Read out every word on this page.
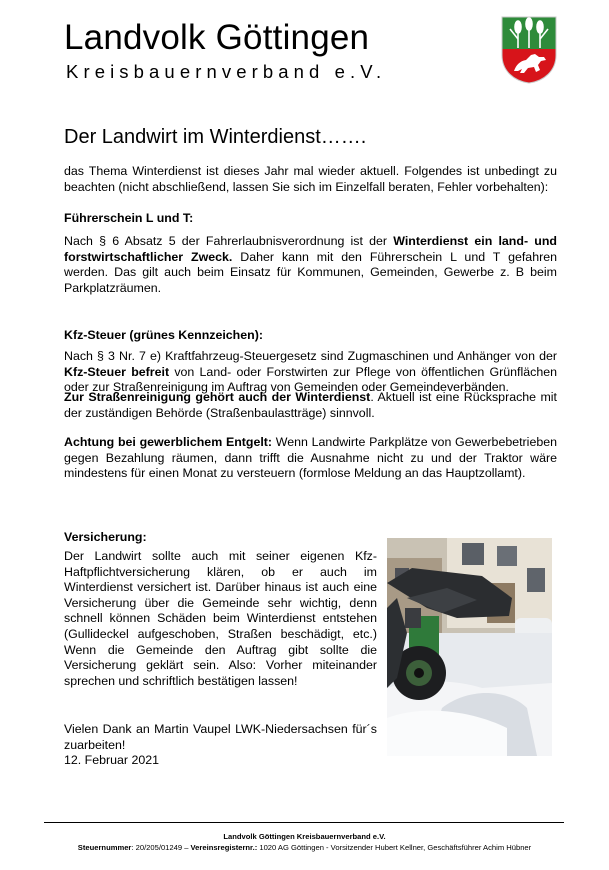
Landvolk Göttingen
Kreisbauernverband e.V.
Der Landwirt im Winterdienst…….
das Thema Winterdienst ist dieses Jahr mal wieder aktuell. Folgendes ist unbedingt zu beachten (nicht abschließend, lassen Sie sich im Einzelfall beraten, Fehler vorbehalten):
Führerschein L und T:
Nach § 6 Absatz 5 der Fahrerlaubnisverordnung ist der Winterdienst ein land- und forstwirtschaftlicher Zweck. Daher kann mit den Führerschein L und T gefahren werden. Das gilt auch beim Einsatz für Kommunen, Gemeinden, Gewerbe z. B beim Parkplatzräumen.
Kfz-Steuer (grünes Kennzeichen):
Nach § 3 Nr. 7 e) Kraftfahrzeug-Steuergesetz sind Zugmaschinen und Anhänger von der Kfz-Steuer befreit von Land- oder Forstwirten zur Pflege von öffentlichen Grünflächen oder zur Straßenreinigung im Auftrag von Gemeinden oder Gemeindeverbänden.
Zur Straßenreinigung gehört auch der Winterdienst. Aktuell ist eine Rücksprache mit der zuständigen Behörde (Straßenbaulastträge) sinnvoll.
Achtung bei gewerblichem Entgelt: Wenn Landwirte Parkplätze von Gewerbebetrieben gegen Bezahlung räumen, dann trifft die Ausnahme nicht zu und der Traktor wäre mindestens für einen Monat zu versteuern (formlose Meldung an das Hauptzollamt).
Versicherung:
Der Landwirt sollte auch mit seiner eigenen Kfz-Haftpflichtversicherung klären, ob er auch im Winterdienst versichert ist. Darüber hinaus ist auch eine Versicherung über die Gemeinde sehr wichtig, denn schnell können Schäden beim Winterdienst entstehen (Gullideckel aufgeschoben, Straßen beschädigt, etc.) Wenn die Gemeinde den Auftrag gibt sollte die Versicherung geklärt sein. Also: Vorher miteinander sprechen und schriftlich bestätigen lassen!
Vielen Dank an Martin Vaupel LWK-Niedersachsen für´s zuarbeiten!
12. Februar 2021
Landvolk Göttingen Kreisbauernverband e.V.
Steuernummer: 20/205/01249 – Vereinsregisternr.: 1020 AG Göttingen - Vorsitzender Hubert Kellner, Geschäftsführer Achim Hübner
